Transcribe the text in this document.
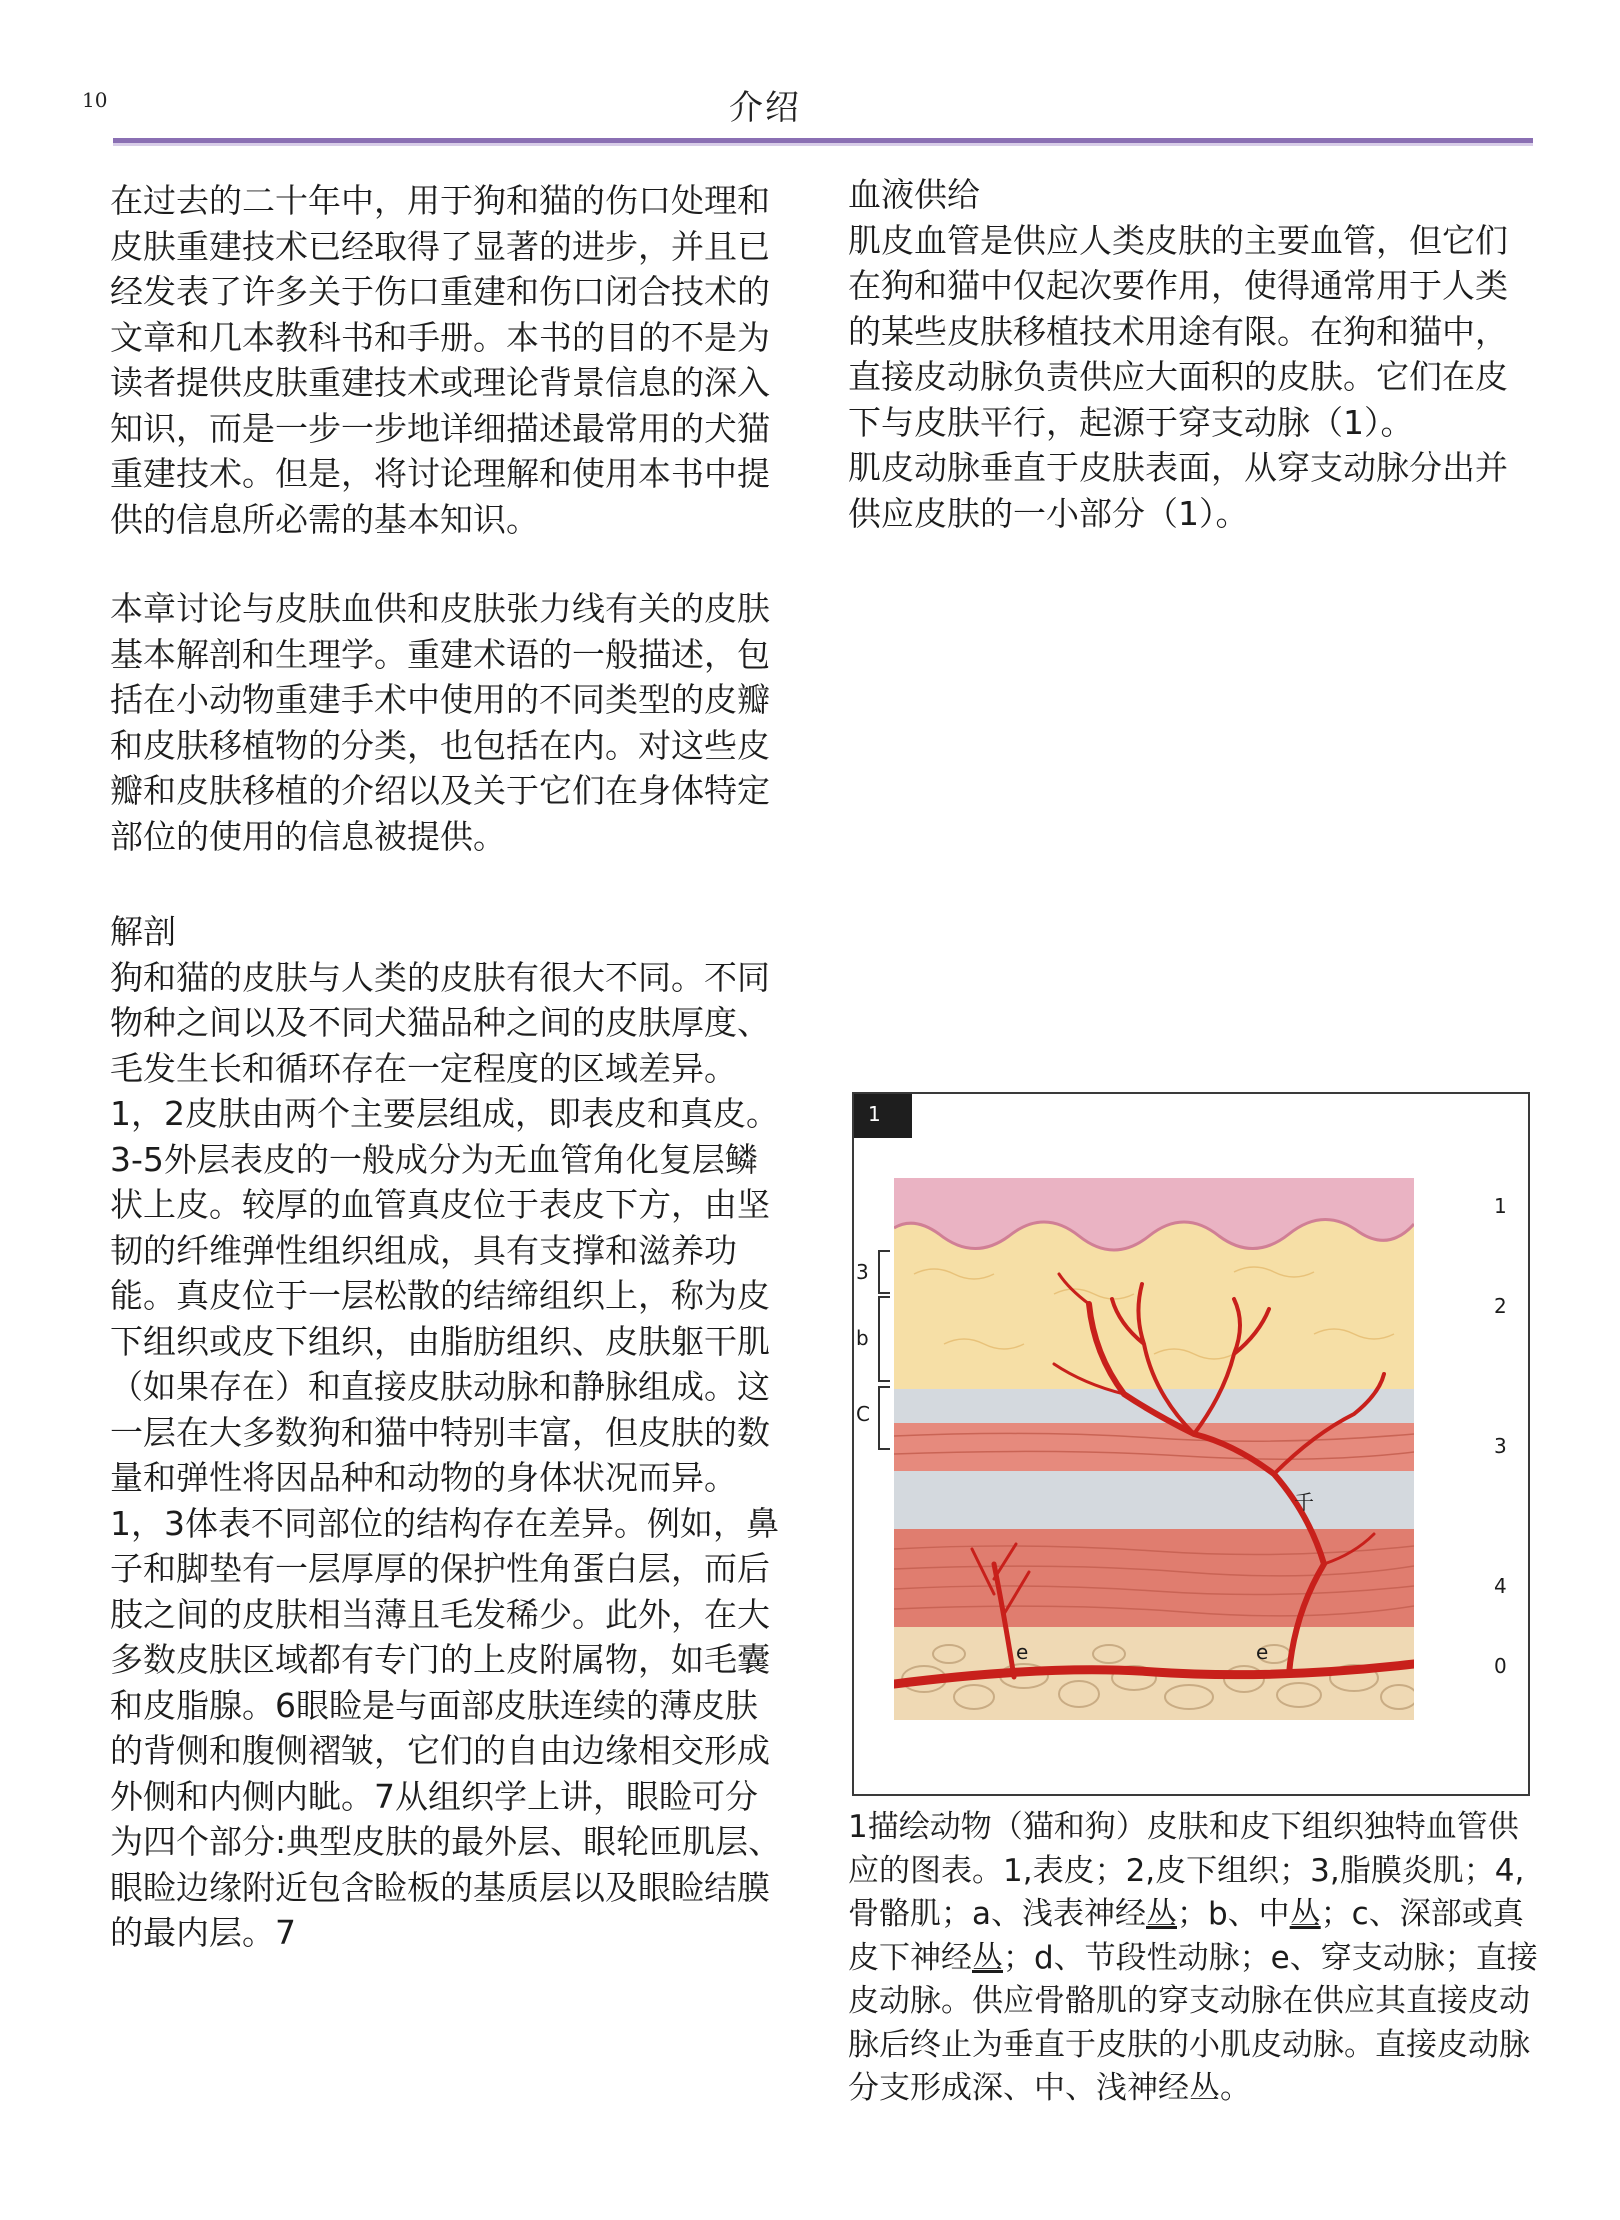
10	介绍

在过去的二十年中，用于狗和猫的伤口处理和皮肤重建技术已经取得了显著的进步，并且已经发表了许多关于伤口重建和伤口闭合技术的文章和几本教科书和手册。本书的目的不是为读者提供皮肤重建技术或理论背景信息的深入知识，而是一步一步地详细描述最常用的犬猫重建技术。但是，将讨论理解和使用本书中提供的信息所必需的基本知识。

本章讨论与皮肤血供和皮肤张力线有关的皮肤基本解剖和生理学。重建术语的一般描述，包括在小动物重建手术中使用的不同类型的皮瓣和皮肤移植物的分类，也包括在内。对这些皮瓣和皮肤移植的介绍以及关于它们在身体特定部位的使用的信息被提供。

解剖

狗和猫的皮肤与人类的皮肤有很大不同。不同物种之间以及不同犬猫品种之间的皮肤厚度、毛发生长和循环存在一定程度的区域差异。1，2皮肤由两个主要层组成，即表皮和真皮。3-5外层表皮的一般成分为无血管角化复层鳞状上皮。较厚的血管真皮位于表皮下方，由坚韧的纤维弹性组织组成，具有支撑和滋养功能。真皮位于一层松散的结缔组织上，称为皮下组织或皮下组织，由脂肪组织、皮肤躯干肌（如果存在）和直接皮肤动脉和静脉组成。这一层在大多数狗和猫中特别丰富，但皮肤的数量和弹性将因品种和动物的身体状况而异。1，3体表不同部位的结构存在差异。例如，鼻子和脚垫有一层厚厚的保护性角蛋白层，而后肢之间的皮肤相当薄且毛发稀少。此外，在大多数皮肤区域都有专门的上皮附属物，如毛囊和皮脂腺。6眼睑是与面部皮肤连续的薄皮肤的背侧和腹侧褶皱，它们的自由边缘相交形成外侧和内侧内眦。7从组织学上讲，眼睑可分为四个部分:典型皮肤的最外层、眼轮匝肌层、眼睑边缘附近包含睑板的基质层以及眼睑结膜的最内层。7

血液供给

肌皮血管是供应人类皮肤的主要血管，但它们在狗和猫中仅起次要作用，使得通常用于人类的某些皮肤移植技术用途有限。在狗和猫中，直接皮动脉负责供应大面积的皮肤。它们在皮下与皮肤平行，起源于穿支动脉（1）。

肌皮动脉垂直于皮肤表面，从穿支动脉分出并供应皮肤的一小部分（1）。

1
1
2
3
4
0
3
b
C
千
e	e
1描绘动物（猫和狗）皮肤和皮下组织独特血管供应的图表。1,表皮；2,皮下组织；3,脂膜炎肌；4,骨骼肌；a、浅表神经丛；b、中丛；c、深部或真皮下神经丛；d、节段性动脉；e、穿支动脉；直接皮动脉。供应骨骼肌的穿支动脉在供应其直接皮动脉后终止为垂直于皮肤的小肌皮动脉。直接皮动脉分支形成深、中、浅神经丛。
